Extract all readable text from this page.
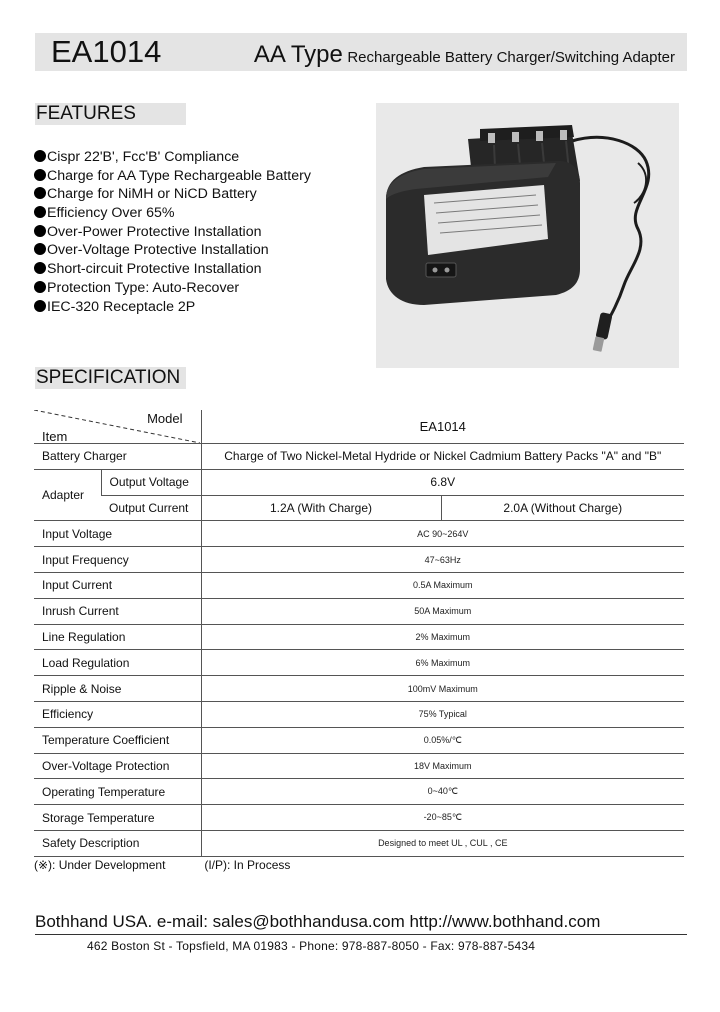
EA1014	AA Type Rechargeable Battery Charger/Switching Adapter
FEATURES
Cispr 22'B', Fcc'B' Compliance
Charge for AA Type Rechargeable Battery
Charge for NiMH or NiCD Battery
Efficiency Over 65%
Over-Power Protective Installation
Over-Voltage Protective Installation
Short-circuit Protective Installation
Protection Type: Auto-Recover
IEC-320 Receptacle 2P
SPECIFICATION
Model
Item		EA1014	
Battery Charger		Charge of Two Nickel-Metal Hydride or Nickel Cadmium Battery Packs "A" and "B"	
Adapter	Output Voltage	6.8V	
	Output Current	1.2A (With Charge)	2.0A (Without Charge)
Input Voltage		AC 90~264V	
Input Frequency		47~63Hz	
Input Current		0.5A Maximum	
Inrush Current		50A Maximum	
Line Regulation		2% Maximum	
Load Regulation		6% Maximum	
Ripple & Noise		100mV Maximum	
Efficiency		75% Typical	
Temperature Coefficient		0.05%/℃	
Over-Voltage Protection		18V Maximum	
Operating Temperature		0~40℃	
Storage Temperature		-20~85℃	
Safety Description		Designed to meet UL , CUL , CE	
(※): Under Development	(I/P): In Process
Bothhand USA. e-mail: sales@bothhandusa.com http://www.bothhand.com
462 Boston St - Topsfield, MA 01983 - Phone: 978-887-8050 - Fax: 978-887-5434
